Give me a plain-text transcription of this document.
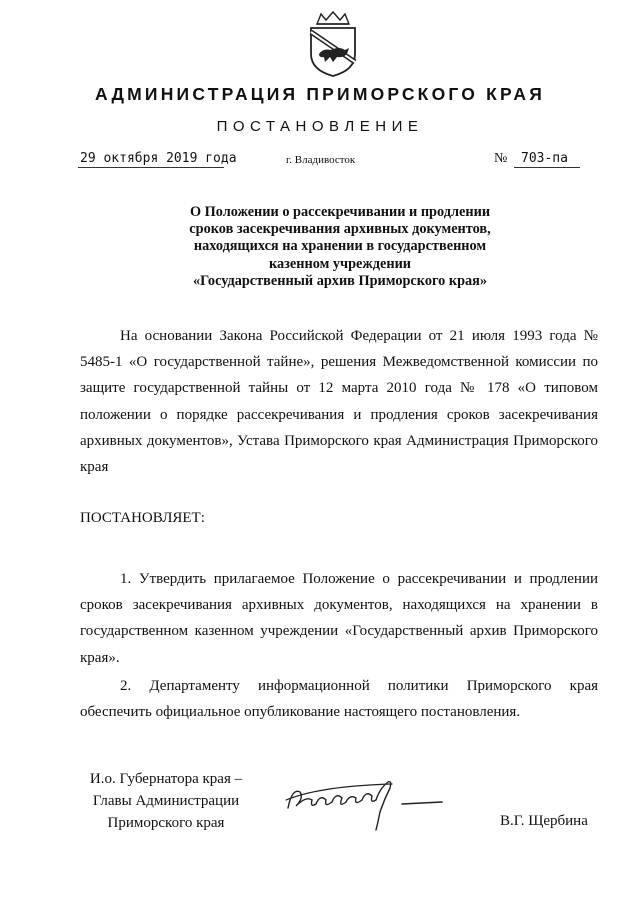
АДМИНИСТРАЦИЯ ПРИМОРСКОГО КРАЯ
ПОСТАНОВЛЕНИЕ
29 октября 2019 года	г. Владивосток	№ 703-па
О Положении о рассекречивании и продлении
сроков засекречивания архивных документов,
находящихся на хранении в государственном
казенном учреждении
«Государственный архив Приморского края»
На основании Закона Российской Федерации от 21 июля 1993 года № 5485-1 «О государственной тайне», решения Межведомственной комиссии по защите государственной тайны от 12 марта 2010 года № 178 «О типовом положении о порядке рассекречивания и продления сроков засекречивания архивных документов», Устава Приморского края Администрация Приморского края
ПОСТАНОВЛЯЕТ:
1. Утвердить прилагаемое Положение о рассекречивании и продлении сроков засекречивания архивных документов, находящихся на хранении в государственном казенном учреждении «Государственный архив Приморского края».
2. Департаменту информационной политики Приморского края обеспечить официальное опубликование настоящего постановления.
И.о. Губернатора края –
Главы Администрации
Приморского края	В.Г. Щербина
